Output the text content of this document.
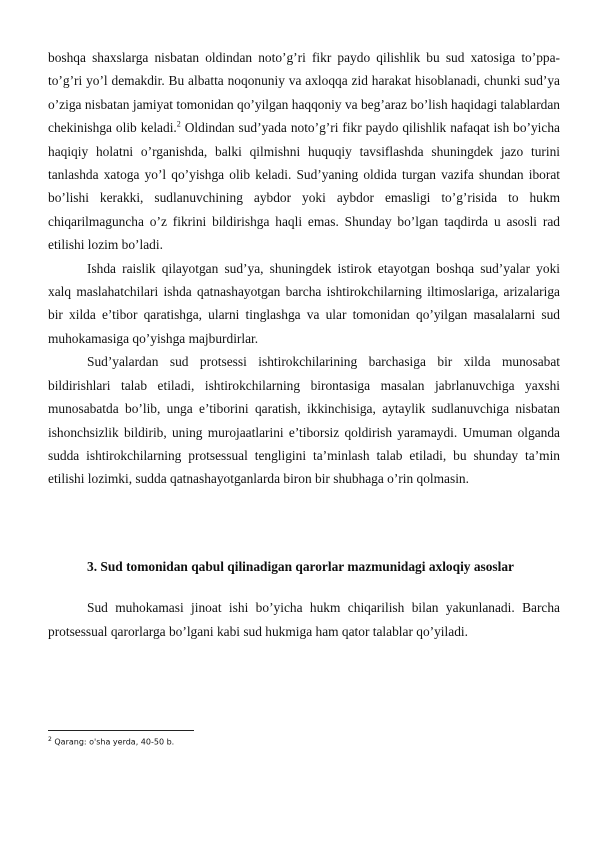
boshqa shaxslarga nisbatan oldindan noto’g’ri fikr paydo qilishlik bu sud xatosiga to’ppa-to’g’ri yo’l demakdir. Bu albatta noqonuniy va axloqqa zid harakat hisoblanadi, chunki sud’ya o’ziga nisbatan jamiyat tomonidan qo’yilgan haqqoniy va beg’araz bo’lish haqidagi talablardan chekinishga olib keladi.$^2$ Oldindan sud’yada noto’g’ri fikr paydo qilishlik nafaqat ish bo’yicha haqiqiy holatni o’rganishda, balki qilmishni huquqiy tavsiflashda shuningdek jazo turini tanlashda xatoga yo’l qo’yishga olib keladi. Sud’yaning oldida turgan vazifa shundan iborat bo’lishi kerakki, sudlanuvchining aybdor yoki aybdor emasligi to’g’risida to hukm chiqarilmaguncha o’z fikrini bildirishga haqli emas. Shunday bo’lgan taqdirda u asosli rad etilishi lozim bo’ladi.

Ishda raislik qilayotgan sud’ya, shuningdek istirok etayotgan boshqa sud’yalar yoki xalq maslahatchilari ishda qatnashayotgan barcha ishtirokchilarning iltimoslariga, arizalariga bir xilda e’tibor qaratishga, ularni tinglashga va ular tomonidan qo’yilgan masalalarni sud muhokamasiga qo’yishga majburdirlar.

Sud’yalardan sud protsessi ishtirokchilarining barchasiga bir xilda munosabat bildirishlari talab etiladi, ishtirokchilarning birontasiga masalan jabrlanuvchiga yaxshi munosabatda bo’lib, unga e’tiborini qaratish, ikkinchisiga, aytaylik sudlanuvchiga nisbatan ishonchsizlik bildirib, uning murojaatlarini e’tiborsiz qoldirish yaramaydi. Umuman olganda sudda ishtirokchilarning protsessual tengligini ta’minlash talab etiladi, bu shunday ta’min etilishi lozimki, sudda qatnashayotganlarda biron bir shubhaga o’rin qolmasin.

3. Sud tomonidan qabul qilinadigan qarorlar mazmunidagi axloqiy asoslar

Sud muhokamasi jinoat ishi bo’yicha hukm chiqarilish bilan yakunlanadi. Barcha protsessual qarorlarga bo’lgani kabi sud hukmiga ham qator talablar qo’yiladi.

$^2$ Qarang: o'sha yerda, 40-50 b.
